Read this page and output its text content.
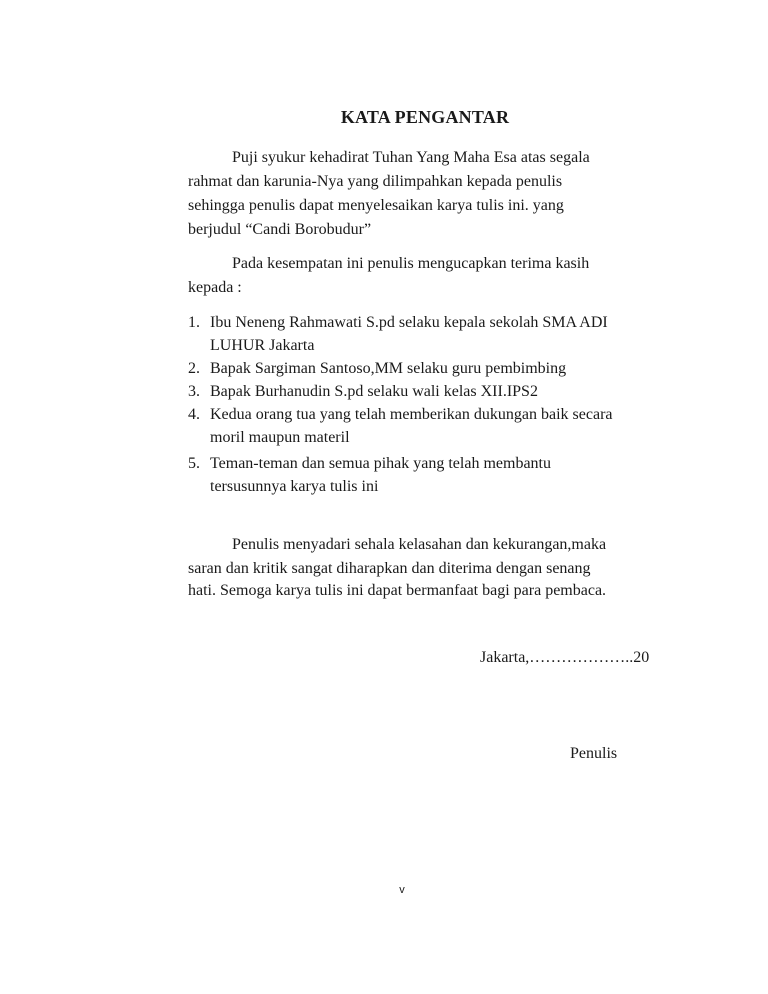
KATA PENGANTAR
Puji syukur kehadirat Tuhan Yang Maha Esa atas segala
rahmat dan karunia-Nya yang dilimpahkan kepada penulis
sehingga penulis dapat menyelesaikan karya tulis ini. yang
berjudul “Candi Borobudur”
Pada kesempatan ini penulis mengucapkan terima kasih
kepada :
1. Ibu Neneng Rahmawati S.pd selaku kepala sekolah SMA ADI
LUHUR Jakarta
2. Bapak Sargiman Santoso,MM selaku guru pembimbing
3. Bapak Burhanudin S.pd selaku wali kelas XII.IPS2
4. Kedua orang tua yang telah memberikan dukungan baik secara
moril maupun materil
5. Teman-teman dan semua pihak yang telah membantu
tersusunnya karya tulis ini
Penulis menyadari sehala kelasahan dan kekurangan,maka
saran dan kritik sangat diharapkan dan diterima dengan senang
hati. Semoga karya tulis ini dapat bermanfaat bagi para pembaca.
Jakarta,………………..20
Penulis
v
